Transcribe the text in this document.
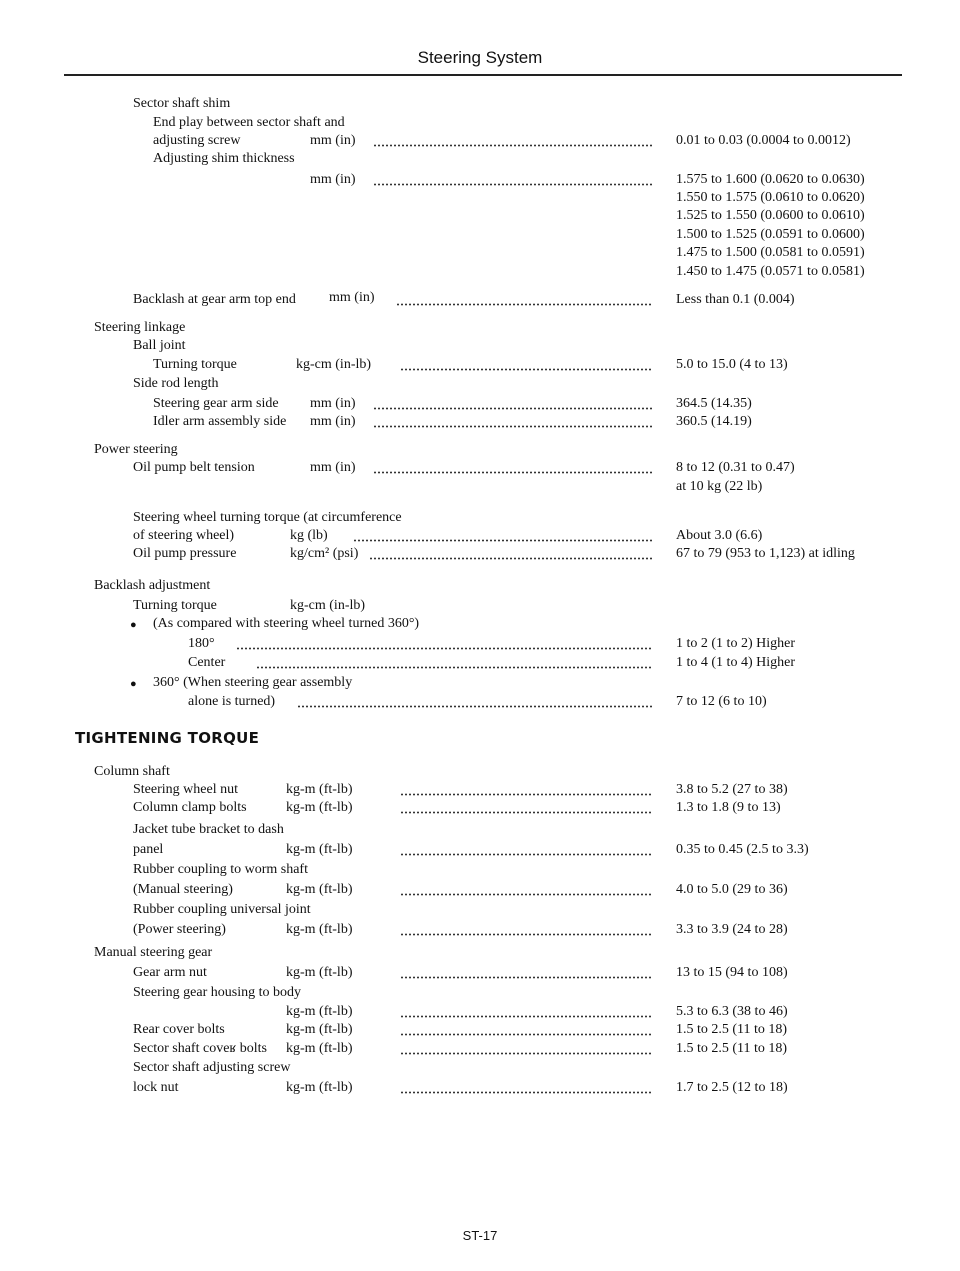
Steering System
Sector shaft shim
End play between sector shaft and
adjusting screw	mm (in)	0.01 to 0.03 (0.0004 to 0.0012)
Adjusting shim thickness
mm (in)	1.575 to 1.600 (0.0620 to 0.0630)
1.550 to 1.575 (0.0610 to 0.0620)
1.525 to 1.550 (0.0600 to 0.0610)
1.500 to 1.525 (0.0591 to 0.0600)
1.475 to 1.500 (0.0581 to 0.0591)
1.450 to 1.475 (0.0571 to 0.0581)
Backlash at gear arm top end mm (in)	Less than 0.1 (0.004)
Steering linkage
Ball joint
Turning torque	kg-cm (in-lb)	5.0 to 15.0 (4 to 13)
Side rod length
Steering gear arm side mm (in)	364.5 (14.35)
Idler arm assembly side mm (in)	360.5 (14.19)
Power steering
Oil pump belt tension	mm (in)	8 to 12 (0.31 to 0.47)
at 10 kg (22 lb)
Steering wheel turning torque (at circumference
of steering wheel)	kg (lb)	About 3.0 (6.6)
Oil pump pressure	kg/cm² (psi)	67 to 79 (953 to 1,123) at idling
Backlash adjustment
Turning torque	kg-cm (in-lb)
● (As compared with steering wheel turned 360°)
180°	1 to 2 (1 to 2) Higher
Center	1 to 4 (1 to 4) Higher
● 360° (When steering gear assembly
alone is turned)	7 to 12 (6 to 10)
TIGHTENING TORQUE
Column shaft
Steering wheel nut	kg-m (ft-lb)	3.8 to 5.2 (27 to 38)
Column clamp bolts	kg-m (ft-lb)	1.3 to 1.8 (9 to 13)
Jacket tube bracket to dash
panel	kg-m (ft-lb)	0.35 to 0.45 (2.5 to 3.3)
Rubber coupling to worm shaft
(Manual steering)	kg-m (ft-lb)	4.0 to 5.0 (29 to 36)
Rubber coupling universal joint
(Power steering)	kg-m (ft-lb)	3.3 to 3.9 (24 to 28)
Manual steering gear
Gear arm nut	kg-m (ft-lb)	13 to 15 (94 to 108)
Steering gear housing to body
kg-m (ft-lb)	5.3 to 6.3 (38 to 46)
Rear cover bolts	kg-m (ft-lb)	1.5 to 2.5 (11 to 18)
Sector shaft coveʁ bolts kg-m (ft-lb)	1.5 to 2.5 (11 to 18)
Sector shaft adjusting screw
lock nut	kg-m (ft-lb)	1.7 to 2.5 (12 to 18)
ST-17
